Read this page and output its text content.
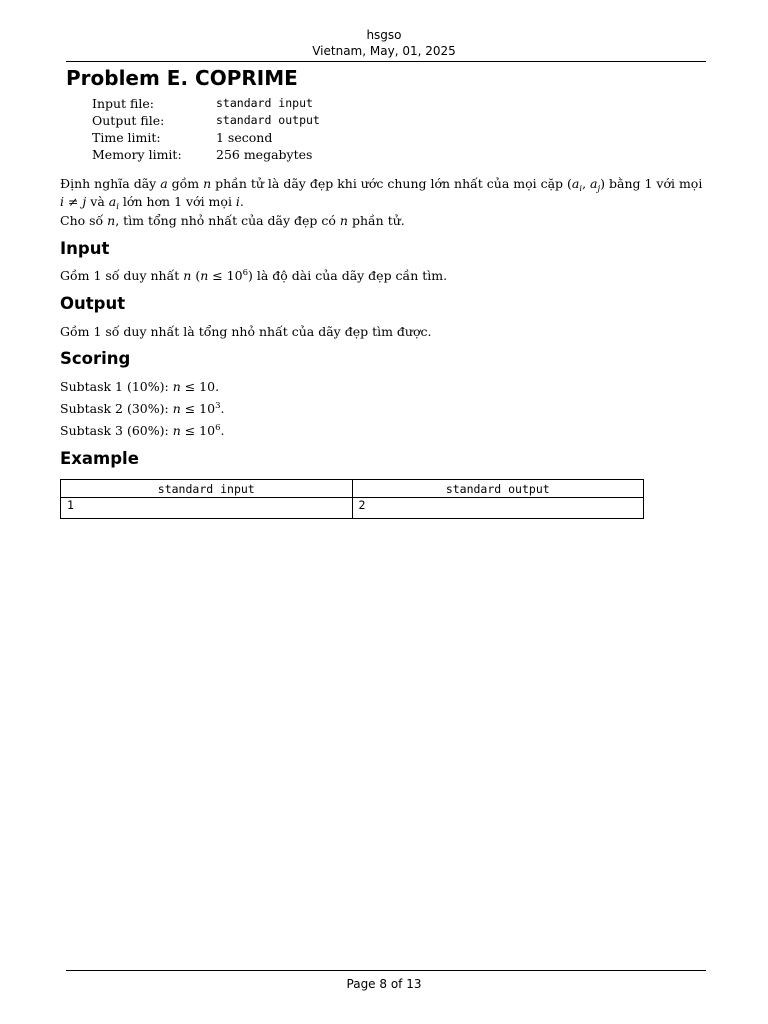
hsgso
Vietnam, May, 01, 2025
Problem E. COPRIME
Input file:	standard input
Output file:	standard output
Time limit:	1 second
Memory limit:	256 megabytes
Định nghĩa dãy a gồm n phần tử là dãy đẹp khi ước chung lớn nhất của mọi cặp ($a_i$, $a_j$) bằng 1 với mọi
i ≠ j và $a_i$ lớn hơn 1 với mọi i.
Cho số n, tìm tổng nhỏ nhất của dãy đẹp có n phần tử.
Input
Gồm 1 số duy nhất n $(n \le 10^6)$ là độ dài của dãy đẹp cần tìm.
Output
Gồm 1 số duy nhất là tổng nhỏ nhất của dãy đẹp tìm được.
Scoring
Subtask 1 (10%): n ≤ 10.
Subtask 2 (30%): $n \le 10^3$.
Subtask 3 (60%): $n \le 10^6$.
Example
standard input	standard output
1	2
Page 8 of 13
